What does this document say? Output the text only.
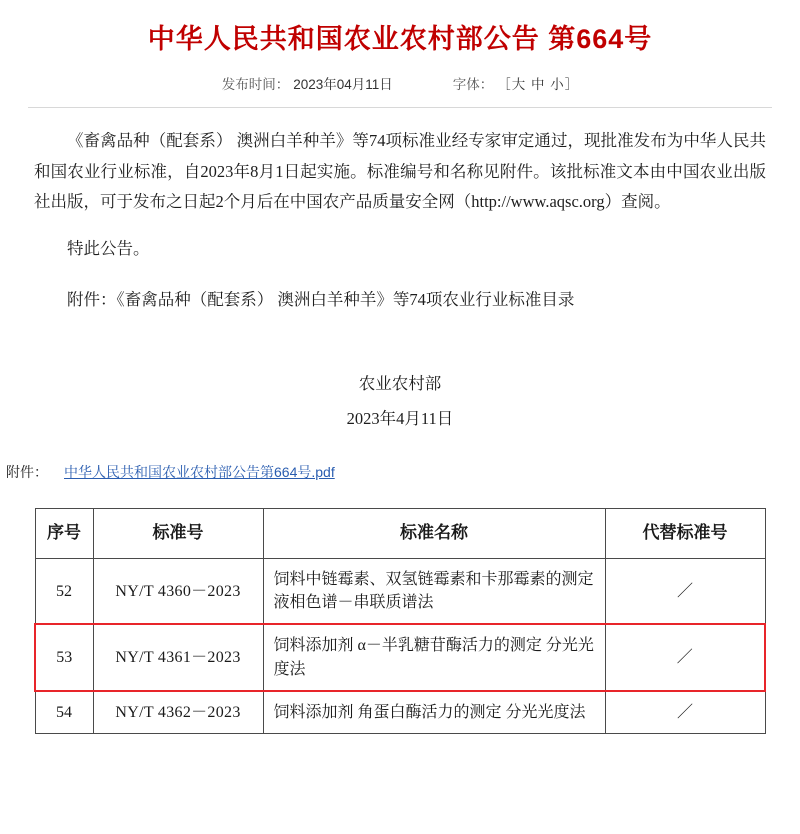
中华人民共和国农业农村部公告 第664号
发布时间： 2023年04月11日	字体： ［大 中 小］

《畜禽品种（配套系） 澳洲白羊种羊》等74项标准业经专家审定通过，现批准发布为中华人民共和国农业行业标准，自2023年8月1日起实施。标准编号和名称见附件。该批标准文本由中国农业出版社出版，可于发布之日起2个月后在中国农产品质量安全网（http://www.aqsc.org）查阅。

特此公告。

附件：《畜禽品种（配套系） 澳洲白羊种羊》等74项农业行业标准目录

农业农村部
2023年4月11日
附件： 中华人民共和国农业农村部公告第664号.pdf
序号	标准号	标准名称	代替标准号
52	NY/T 4360－2023	饲料中链霉素、双氢链霉素和卡那霉素的测定 液相色谱－串联质谱法	／
53	NY/T 4361－2023	饲料添加剂 α－半乳糖苷酶活力的测定 分光光度法	／
54	NY/T 4362－2023	饲料添加剂 角蛋白酶活力的测定 分光光度法	／
